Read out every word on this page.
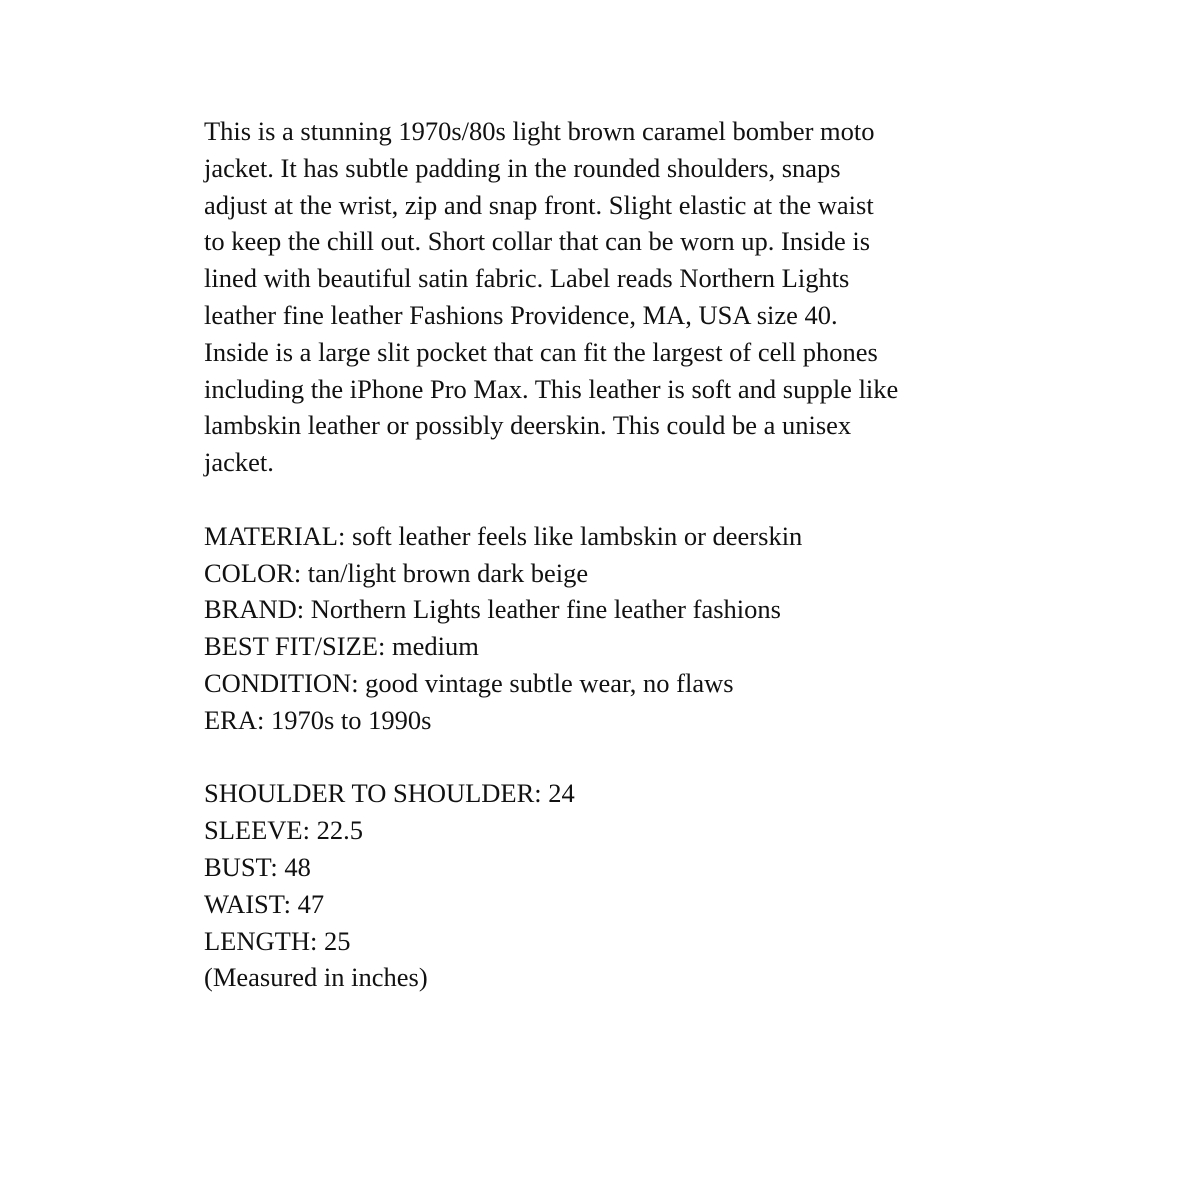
This is a stunning 1970s/80s light brown caramel bomber moto

jacket. It has subtle padding in the rounded shoulders, snaps

adjust at the wrist, zip and snap front. Slight elastic at the waist

to keep the chill out. Short collar that can be worn up. Inside is

lined with beautiful satin fabric. Label reads Northern Lights

leather fine leather Fashions Providence, MA, USA size 40.

Inside is a large slit pocket that can fit the largest of cell phones

including the iPhone Pro Max. This leather is soft and supple like

lambskin leather or possibly deerskin. This could be a unisex

jacket.

MATERIAL: soft leather feels like lambskin or deerskin
COLOR: tan/light brown dark beige
BRAND: Northern Lights leather fine leather fashions
BEST FIT/SIZE: medium
CONDITION: good vintage subtle wear, no flaws
ERA: 1970s to 1990s
SHOULDER TO SHOULDER: 24
SLEEVE: 22.5
BUST: 48
WAIST: 47
LENGTH: 25
(Measured in inches)
